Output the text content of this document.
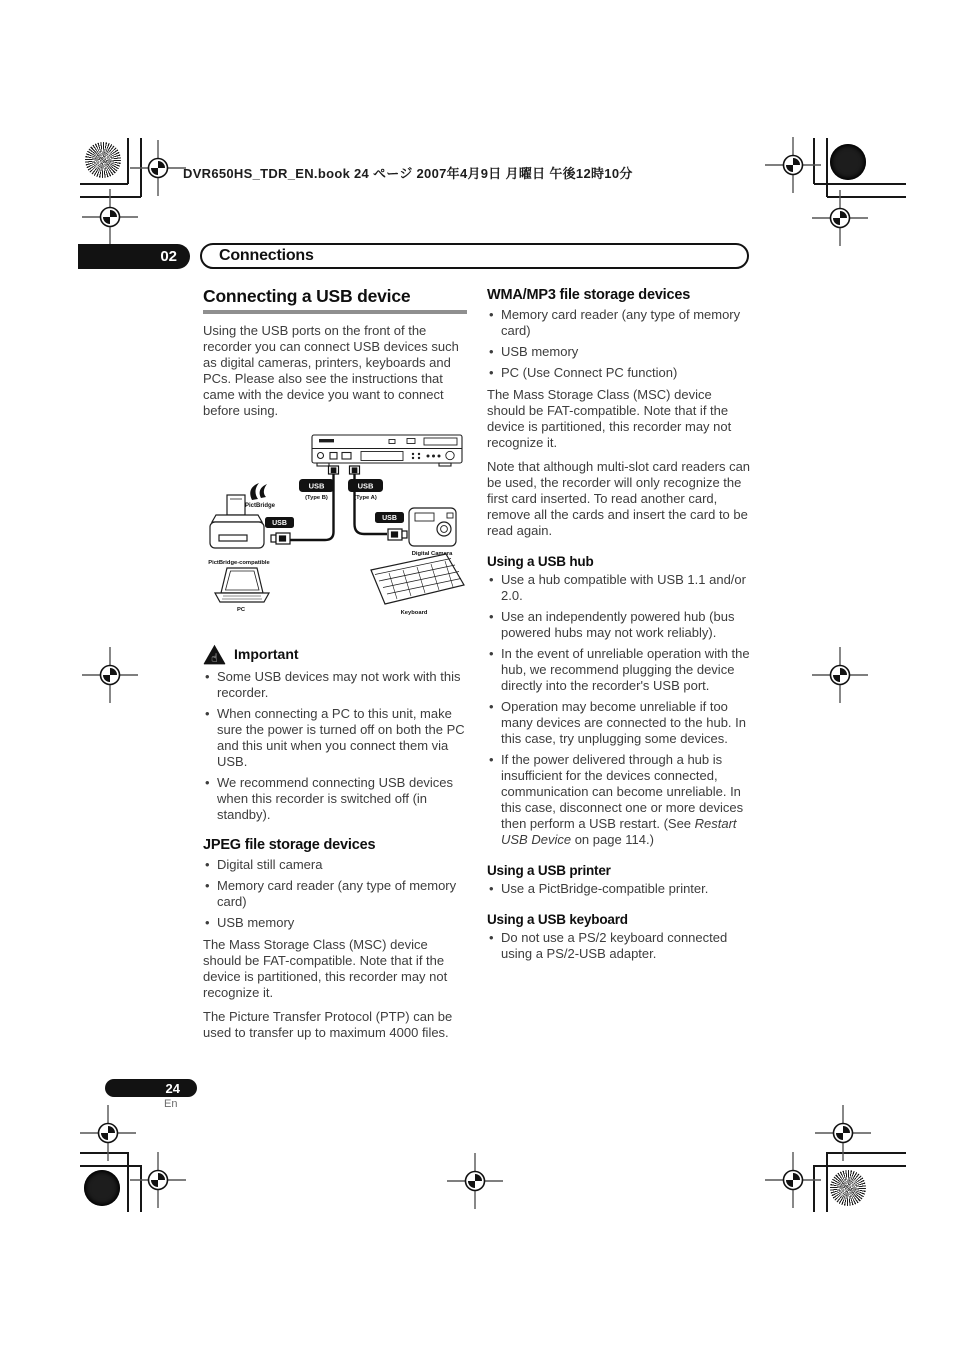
DVR650HS_TDR_EN.book 24 ページ 2007年4月9日 月曜日 午後12時10分
02	Connections
Connecting a USB device

Using the USB ports on the front of the recorder you can connect USB devices such as digital cameras, printers, keyboards and PCs. Please also see the instructions that came with the device you want to connect before using.

USB
(Type B)
USB
(Type A)
PictBridge
USB
PictBridge-compatible
USB
Digital Camera
Keyboard
PC
☝ Important
• Some USB devices may not work with this recorder.
• When connecting a PC to this unit, make sure the power is turned off on both the PC and this unit when you connect them via USB.
• We recommend connecting USB devices when this recorder is switched off (in standby).
JPEG file storage devices
• Digital still camera
• Memory card reader (any type of memory card)
• USB memory

The Mass Storage Class (MSC) device should be FAT-compatible. Note that if the device is partitioned, this recorder may not recognize it.

The Picture Transfer Protocol (PTP) can be used to transfer up to maximum 4000 files.

WMA/MP3 file storage devices
• Memory card reader (any type of memory card)
• USB memory
• PC (Use Connect PC function)

The Mass Storage Class (MSC) device should be FAT-compatible. Note that if the device is partitioned, this recorder may not recognize it.

Note that although multi-slot card readers can be used, the recorder will only recognize the first card inserted. To read another card, remove all the cards and insert the card to be read again.

Using a USB hub
• Use a hub compatible with USB 1.1 and/or 2.0.
• Use an independently powered hub (bus powered hubs may not work reliably).
• In the event of unreliable operation with the hub, we recommend plugging the device directly into the recorder's USB port.
• Operation may become unreliable if too many devices are connected to the hub. In this case, try unplugging some devices.
• If the power delivered through a hub is insufficient for the devices connected, communication can become unreliable. In this case, disconnect one or more devices then perform a USB restart. (See Restart USB Device on page 114.)
Using a USB printer
• Use a PictBridge-compatible printer.
Using a USB keyboard
• Do not use a PS/2 keyboard connected using a PS/2-USB adapter.
24
En
